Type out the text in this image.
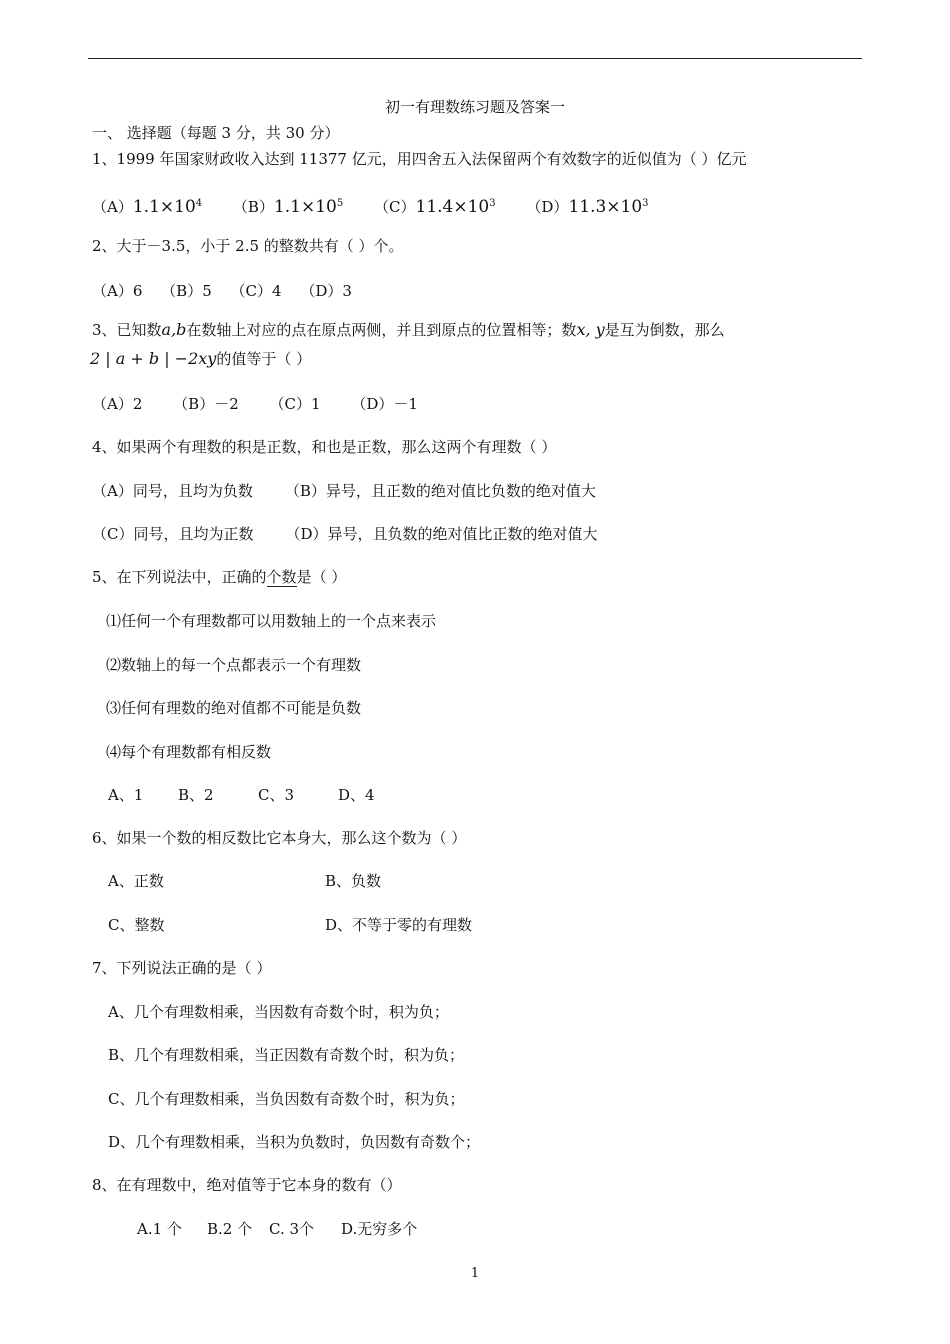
初一有理数练习题及答案一
一、 选择题（每题 3 分，共 30 分）
1、1999 年国家财政收入达到 11377 亿元，用四舍五入法保留两个有效数字的近似值为（ ）亿元
$(A)1.1\times 10^4$ $(B)1.1\times 10^5$ $(C)11.4\times 10^3$ $(D)11.3\times 10^3$
2、大于－3.5，小于 2.5 的整数共有（ ）个。
（A）6 （B）5 （C）4 （D）3
3、已知数a,b在数轴上对应的点在原点两侧，并且到原点的位置相等；数x, y是互为倒数，那么
2 | a + b | −2xy的值等于（ ）
（A）2 （B）－2 （C）1 （D）－1
4、如果两个有理数的积是正数，和也是正数，那么这两个有理数（ ）
（A）同号，且均为负数 （B）异号，且正数的绝对值比负数的绝对值大
（C）同号，且均为正数 （D）异号，且负数的绝对值比正数的绝对值大
5、在下列说法中，正确的个数是（ ）
⑴任何一个有理数都可以用数轴上的一个点来表示
⑵数轴上的每一个点都表示一个有理数
⑶任何有理数的绝对值都不可能是负数
⑷每个有理数都有相反数
A、1 B、2	C、3	D、4
6、如果一个数的相反数比它本身大，那么这个数为（ ）
A、正数	B、负数
C、整数	D、不等于零的有理数
7、下列说法正确的是（ ）
A、几个有理数相乘，当因数有奇数个时，积为负；
B、几个有理数相乘，当正因数有奇数个时，积为负；
C、几个有理数相乘，当负因数有奇数个时，积为负；
D、几个有理数相乘，当积为负数时，负因数有奇数个；
8、在有理数中，绝对值等于它本身的数有（）
A.1 个 B.2 个 C. 3个 D.无穷多个
1
